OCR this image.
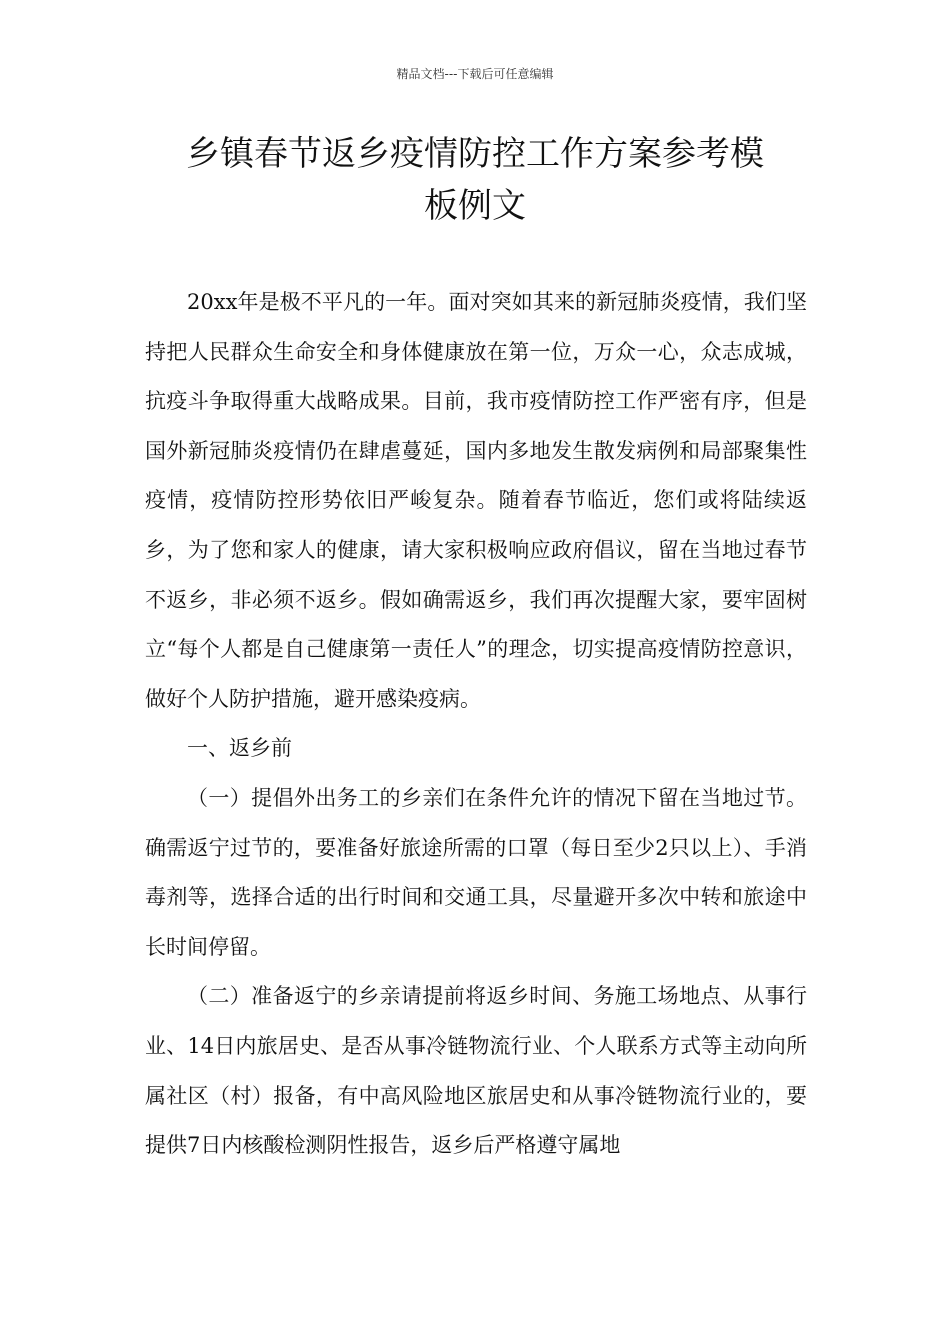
精品文档---下载后可任意编辑
乡镇春节返乡疫情防控工作方案参考模
板例文

20xx年是极不平凡的一年。面对突如其来的新冠肺炎疫情，我们坚持把人民群众生命安全和身体健康放在第一位，万众一心，众志成城，抗疫斗争取得重大战略成果。目前，我市疫情防控工作严密有序，但是国外新冠肺炎疫情仍在肆虐蔓延，国内多地发生散发病例和局部聚集性疫情，疫情防控形势依旧严峻复杂。随着春节临近，您们或将陆续返乡，为了您和家人的健康，请大家积极响应政府倡议，留在当地过春节不返乡，非必须不返乡。假如确需返乡，我们再次提醒大家，要牢固树立“每个人都是自己健康第一责任人”的理念，切实提高疫情防控意识，做好个人防护措施，避开感染疫病。

一、返乡前

（一）提倡外出务工的乡亲们在条件允许的情况下留在当地过节。确需返宁过节的，要准备好旅途所需的口罩（每日至少2只以上）、手消毒剂等，选择合适的出行时间和交通工具，尽量避开多次中转和旅途中长时间停留。

（二）准备返宁的乡亲请提前将返乡时间、务施工场地点、从事行业、14日内旅居史、是否从事冷链物流行业、个人联系方式等主动向所属社区（村）报备，有中高风险地区旅居史和从事冷链物流行业的，要提供7日内核酸检测阴性报告，返乡后严格遵守属地
